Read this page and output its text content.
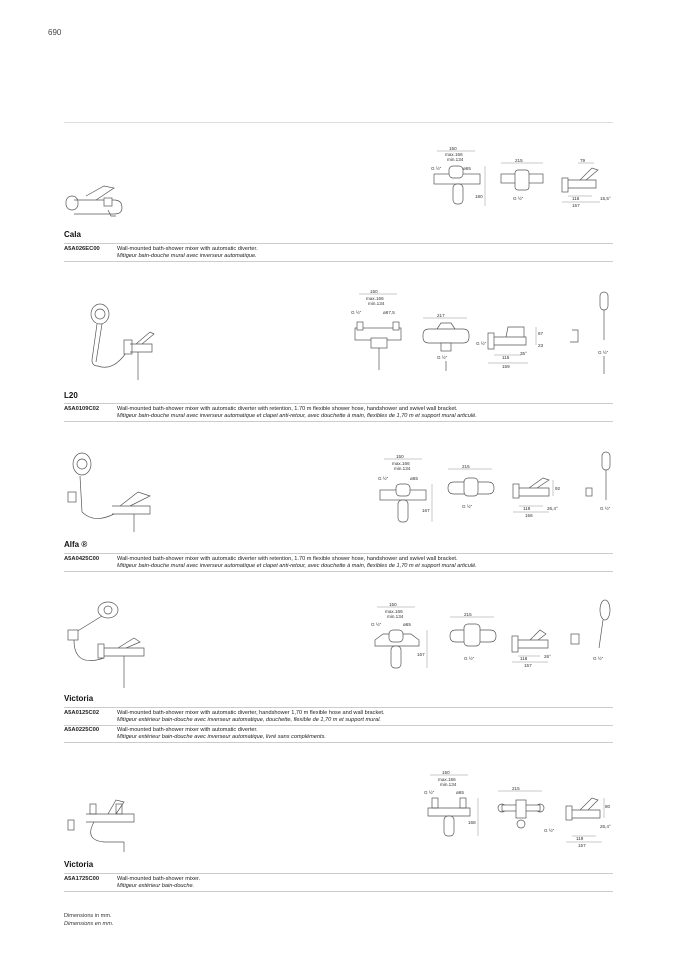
690
150
max.166
min.134
G ½"	ø65
180
215
G ½"
79
116
157
15,5°
Cala
A5A026EC00	Wall-mounted bath-shower mixer with automatic diverter.
Mitigeur bain-douche mural avec inverseur automatique.
150
max.166
min.134
G ½"	ø67,5
217
G ½"
G ½"
67
23
35°
115
159
G ½"
L20
A5A0109C02	Wall-mounted bath-shower mixer with automatic diverter with retention, 1.70 m flexible shower hose, handshower and swivel wall bracket.
Mitigeur bain-douche mural avec inverseur automatique et clapet anti-retour, avec douchette à main, flexibles de 1,70 m et support mural articulé.
150
max.166
min.134
G ½"	ø65
167
215
G ½"
92
118	26,4°
156
G ½"
Alfa ®
A5A0425C00	Wall-mounted bath-shower mixer with automatic diverter with retention, 1.70 m flexible shower hose, handshower and swivel wall bracket.
Mitigeur bain-douche mural avec inverseur automatique et clapet anti-retour, avec douchette à main, flexibles de 1,70 m et support mural articulé.
150
max.166
min.134
G ½"	ø65
167
215
G ½"	118	26°
157
G ½"
Victoria
A5A0125C02	Wall-mounted bath-shower mixer with automatic diverter, handshower 1,70 m flexible hose and wall bracket.
Mitigeur extérieur bain-douche avec inverseur automatique, douchette, flexible de 1,70 m et support mural.
A5A0225C00	Wall-mounted bath-shower mixer with automatic diverter.
Mitigeur extérieur bain-douche avec inverseur automatique, livré sans compléments.
150
max.166
min.134
G ½"	ø65
168
215
G ½"
80
26,4°
119
157
Victoria
A5A1725C00	Wall-mounted bath-shower mixer.
Mitigeur extérieur bain-douche.
Dimensions in mm.
Dimensions en mm.
